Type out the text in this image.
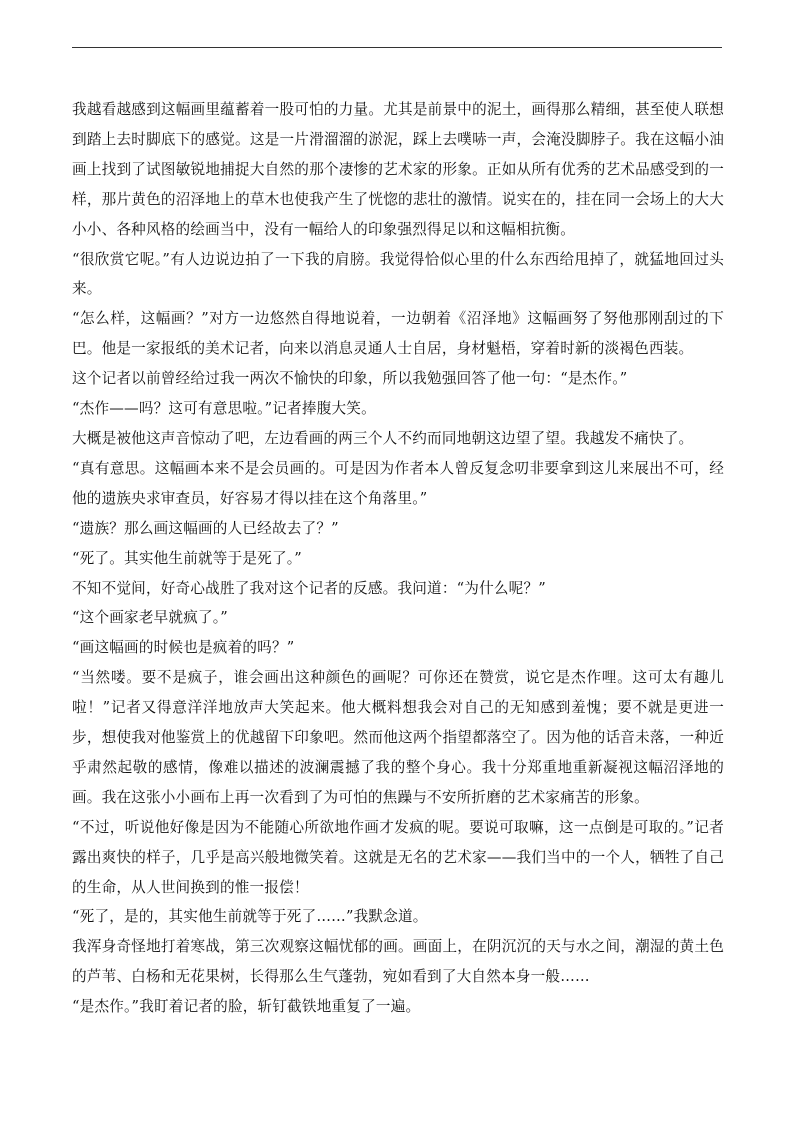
我越看越感到这幅画里蕴蓄着一股可怕的力量。尤其是前景中的泥土，画得那么精细，甚至使人联想到踏上去时脚底下的感觉。这是一片滑溜溜的淤泥，踩上去噗哧一声，会淹没脚脖子。我在这幅小油画上找到了试图敏锐地捕捉大自然的那个凄惨的艺术家的形象。正如从所有优秀的艺术品感受到的一样，那片黄色的沼泽地上的草木也使我产生了恍惚的悲壮的激情。说实在的，挂在同一会场上的大大小小、各种风格的绘画当中，没有一幅给人的印象强烈得足以和这幅相抗衡。

“很欣赏它呢。”有人边说边拍了一下我的肩膀。我觉得恰似心里的什么东西给甩掉了，就猛地回过头来。

“怎么样，这幅画？”对方一边悠然自得地说着，一边朝着《沼泽地》这幅画努了努他那刚刮过的下巴。他是一家报纸的美术记者，向来以消息灵通人士自居，身材魁梧，穿着时新的淡褐色西装。

这个记者以前曾经给过我一两次不愉快的印象，所以我勉强回答了他一句：“是杰作。”

“杰作——吗？这可有意思啦。”记者捧腹大笑。

大概是被他这声音惊动了吧，左边看画的两三个人不约而同地朝这边望了望。我越发不痛快了。

“真有意思。这幅画本来不是会员画的。可是因为作者本人曾反复念叨非要拿到这儿来展出不可，经他的遗族央求审查员，好容易才得以挂在这个角落里。”

“遗族？那么画这幅画的人已经故去了？”

“死了。其实他生前就等于是死了。”

不知不觉间，好奇心战胜了我对这个记者的反感。我问道：“为什么呢？”

“这个画家老早就疯了。”

“画这幅画的时候也是疯着的吗？”

“当然喽。要不是疯子，谁会画出这种颜色的画呢？可你还在赞赏，说它是杰作哩。这可太有趣儿啦！”记者又得意洋洋地放声大笑起来。他大概料想我会对自己的无知感到羞愧；要不就是更进一步，想使我对他鉴赏上的优越留下印象吧。然而他这两个指望都落空了。因为他的话音未落，一种近乎肃然起敬的感情，像难以描述的波澜震撼了我的整个身心。我十分郑重地重新凝视这幅沼泽地的画。我在这张小小画布上再一次看到了为可怕的焦躁与不安所折磨的艺术家痛苦的形象。

“不过，听说他好像是因为不能随心所欲地作画才发疯的呢。要说可取嘛，这一点倒是可取的。”记者露出爽快的样子，几乎是高兴般地微笑着。这就是无名的艺术家——我们当中的一个人，牺牲了自己的生命，从人世间换到的惟一报偿！

“死了，是的，其实他生前就等于死了……”我默念道。

我浑身奇怪地打着寒战，第三次观察这幅忧郁的画。画面上，在阴沉沉的天与水之间，潮湿的黄土色的芦苇、白杨和无花果树，长得那么生气蓬勃，宛如看到了大自然本身一般……

“是杰作。”我盯着记者的脸，斩钉截铁地重复了一遍。
